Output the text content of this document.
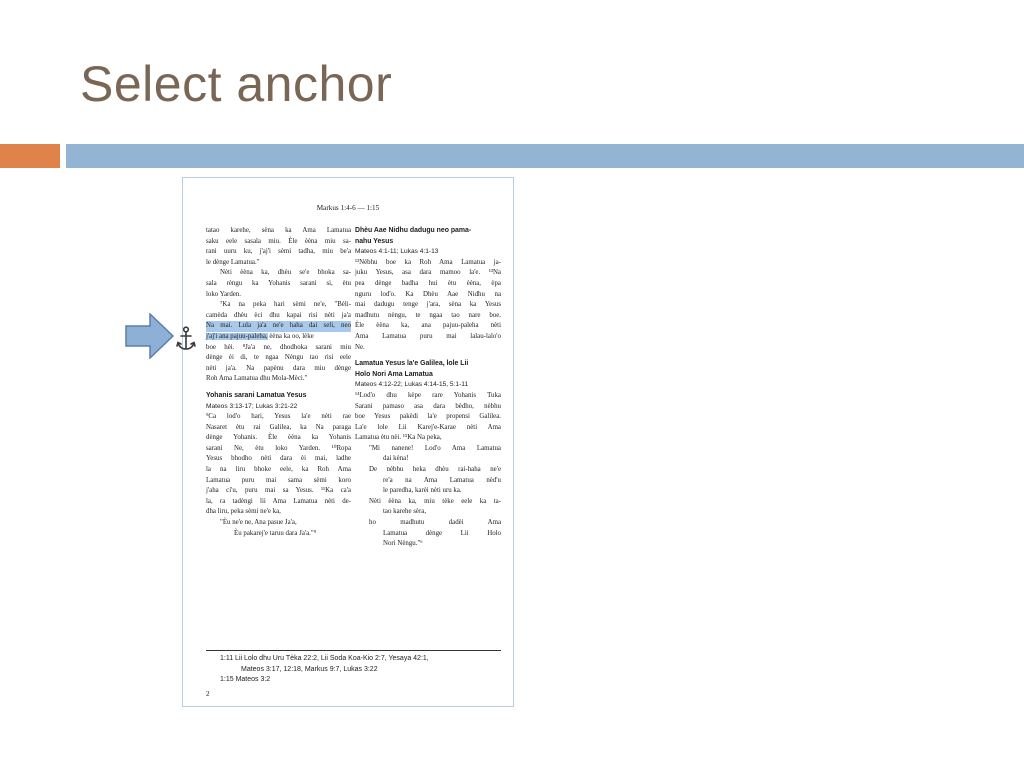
Select anchor
Markus 1:4-6 — 1:15
tatao karehe, sèna ka Ama Lamatua
saku eele sasala miu. Èle èèna miu sa-
rani uuru ku, j'aj'i sèmi tadha, miu be'a
le dènge Lamatua."
Nèti èèna ka, dhèu se'e bhoka sa-
sala rèngu ka Yohanis sarani si, ètu
loko Yarden.
⁷Ka na peka hari sèmi ne'e, "Bèli-
camèda dhèu èci dhu kapai risi nèti ja'a
Na mai. Lula ja'a ne'e haha dai seli, neo
j'aj'i ana pajuu-paleha, èèna ka oo, lèke
boe hèi. ⁸Ja'a ne, dhodhoka sarani miu
dènge èi di, te ngaa Nèngu tao risi eele
nèti ja'a. Na papènu dara miu dènge
Roh Ama Lamatua dhu Mola-Mèci."
Yohanis sarani Lamatua Yesus
Mateos 3:13-17; Lukas 3:21-22
⁹Ca lod'o hari, Yesus la'e nèti rae
Nasaret ètu rai Galilea, ka Na paraga
dènge Yohanis. Èle èèna ka Yohanis
sarani Ne, ètu loko Yarden. ¹⁰Ropa
Yesus bhodho nèti dara èi mai, ladhe
la na liru bhoke eele, ka Roh Ama
Lamatua puru mai sama sèmi koro
j'aha ci'u, puru mai sa Yesus. ¹¹Ka ca'a
la, ra tadèngi lii Ama Lamatua nèti de-
dha liru, peka sèmi ne'e ka,
"Èu ne'e ne, Ana pasue Ja'a,
Èu pakarej'e taruu dara Ja'a."⁹
Dhèu Aae Nidhu dadugu neo pama-
nahu Yesus
Mateos 4:1-11; Lukas 4:1-13
¹²Nèbhu boe ka Roh Ama Lamatua ja-
juku Yesus, asa dara mamoo la'e. ¹³Na
pea dènge badha hui ètu èèna, èpa
nguru lod'o. Ka Dhèu Aae Nidhu na
mai dadugu tenge j'ara, sèna ka Yesus
madhutu nèngu, te ngaa tao nare boe.
Èle èèna ka, ana pajuu-paleha nèti
Ama Lamatua puru mai lalau-lalo'o
Ne.
Lamatua Yesus la'e Galilea, lole Lii
Holo Nori Ama Lamatua
Mateos 4:12-22; Lukas 4:14-15, 5:1-11
¹⁴Lod'o dhu kèpe rare Yohanis Tuka
Sarani pamaso asa dara bèdho, nèbhu
boe Yesus pakèdi la'e propensi Galilea.
La'e lole Lii Karej'e-Karae nèti Ama
Lamatua ètu nèi. ¹⁵Ka Na peka,
"Mi nanene! Lod'o Ama Lamatua
dai kèna!
De nèbhu heka dhèu rai-haha ne'e
re'a na Ama Lamatua nèd'u
le paredha, karèi nèti uru ka.
Nèti èèna ka, miu tèke eele ka ta-
tao karehe sèra,
ho madhutu dadèi Ama
Lamatua dènge Lii Holo
Nori Nèngu."⁶
1:11 Lii Lolo dhu Uru Tèka 22:2, Lii Soda Koa-Kio 2:7, Yesaya 42:1,
Mateos 3:17, 12:18, Markus 9:7, Lukas 3:22
1:15 Mateos 3:2
2
